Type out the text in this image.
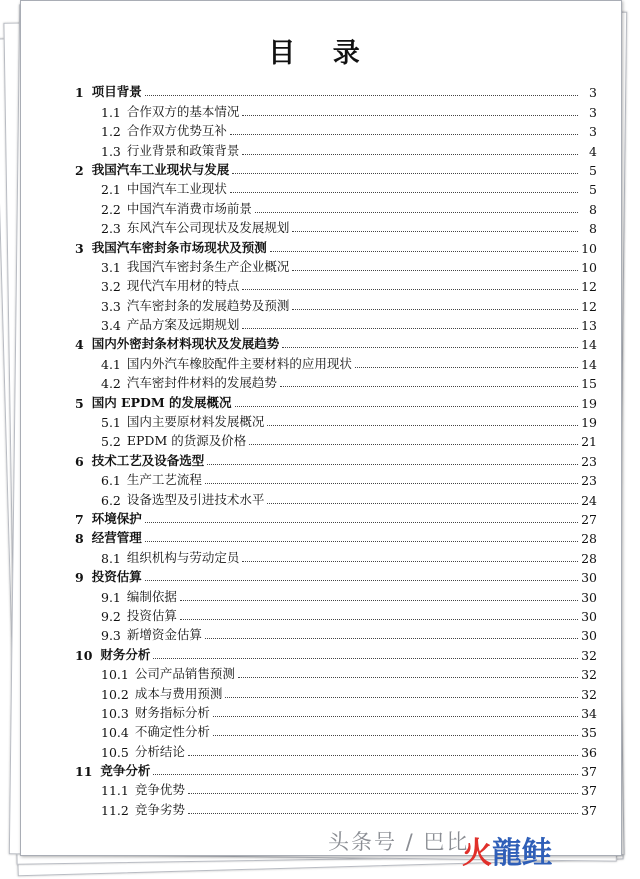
目 录
1 项目背景	3
1.1 合作双方的基本情况	3
1.2 合作双方优势互补	3
1.3 行业背景和政策背景	4
2 我国汽车工业现状与发展	5
2.1 中国汽车工业现状	5
2.2 中国汽车消费市场前景	8
2.3 东风汽车公司现状及发展规划	8
3 我国汽车密封条市场现状及预测	10
3.1 我国汽车密封条生产企业概况	10
3.2 现代汽车用材的特点	12
3.3 汽车密封条的发展趋势及预测	12
3.4 产品方案及远期规划	13
4 国内外密封条材料现状及发展趋势	14
4.1 国内外汽车橡胶配件主要材料的应用现状	14
4.2 汽车密封件材料的发展趋势	15
5 国内 EPDM 的发展概况	19
5.1 国内主要原材料发展概况	19
5.2 EPDM 的货源及价格	21
6 技术工艺及设备选型	23
6.1 生产工艺流程	23
6.2 设备选型及引进技术水平	24
7 环境保护	27
8 经营管理	28
8.1 组织机构与劳动定员	28
9 投资估算	30
9.1 编制依据	30
9.2 投资估算	30
9.3 新增资金估算	30
10 财务分析	32
10.1 公司产品销售预测	32
10.2 成本与费用预测	32
10.3 财务指标分析	34
10.4 不确定性分析	35
10.5 分析结论	36
11 竞争分析	37
11.1 竞争优势	37
11.2 竞争劣势	37
头条号 / 巴比
火龍鲑
